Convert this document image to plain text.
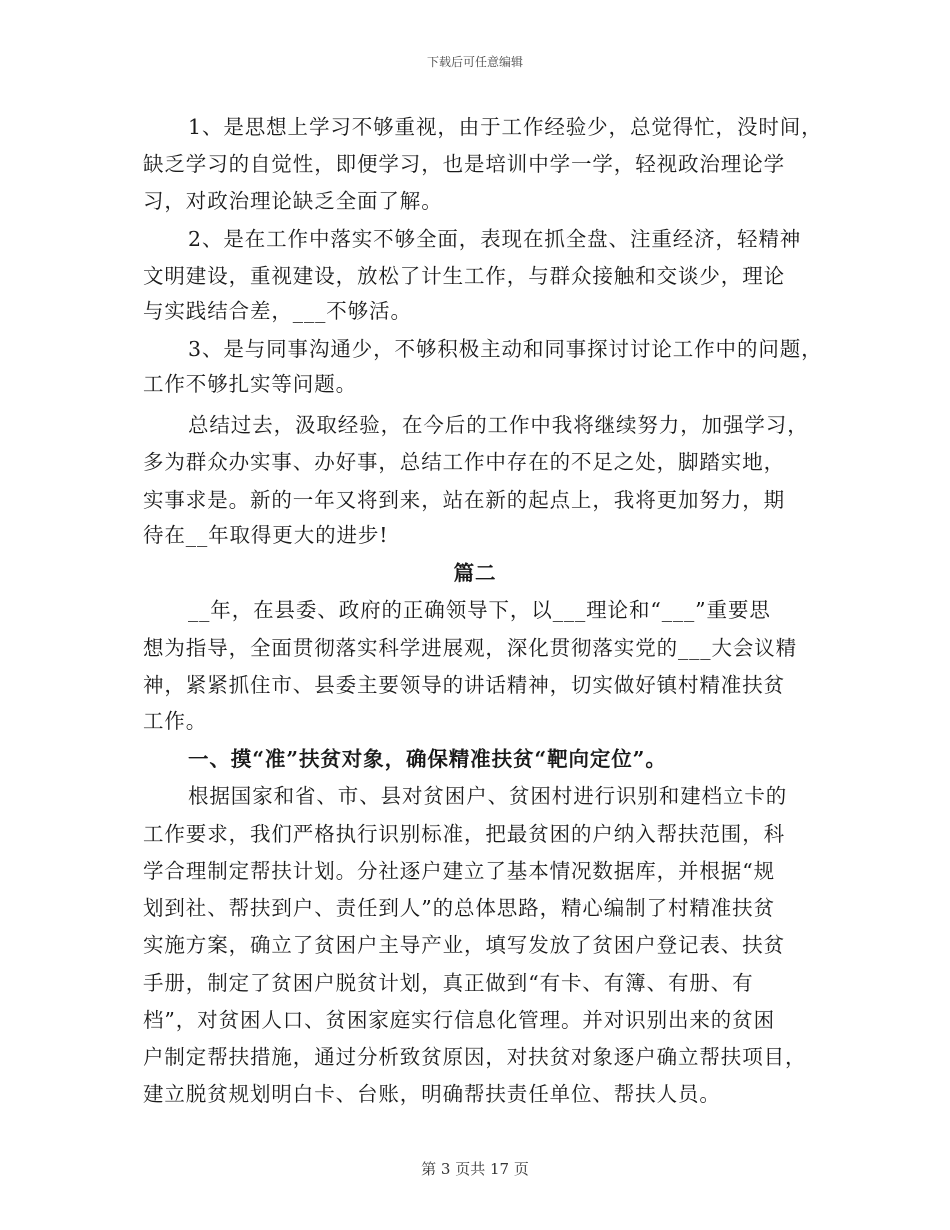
下载后可任意编辑
1、是思想上学习不够重视，由于工作经验少，总觉得忙，没时间，
缺乏学习的自觉性，即便学习，也是培训中学一学，轻视政治理论学
习，对政治理论缺乏全面了解。
2、是在工作中落实不够全面，表现在抓全盘、注重经济，轻精神
文明建设，重视建设，放松了计生工作，与群众接触和交谈少，理论
与实践结合差，___不够活。
3、是与同事沟通少，不够积极主动和同事探讨讨论工作中的问题，
工作不够扎实等问题。
总结过去，汲取经验，在今后的工作中我将继续努力，加强学习，
多为群众办实事、办好事，总结工作中存在的不足之处，脚踏实地，
实事求是。新的一年又将到来，站在新的起点上，我将更加努力，期
待在__年取得更大的进步!
篇二
__年，在县委、政府的正确领导下，以___理论和“___”重要思
想为指导，全面贯彻落实科学进展观，深化贯彻落实党的___大会议精
神，紧紧抓住市、县委主要领导的讲话精神，切实做好镇村精准扶贫
工作。
一、摸“准”扶贫对象，确保精准扶贫“靶向定位”。
根据国家和省、市、县对贫困户、贫困村进行识别和建档立卡的
工作要求，我们严格执行识别标准，把最贫困的户纳入帮扶范围，科
学合理制定帮扶计划。分社逐户建立了基本情况数据库，并根据“规
划到社、帮扶到户、责任到人”的总体思路，精心编制了村精准扶贫
实施方案，确立了贫困户主导产业，填写发放了贫困户登记表、扶贫
手册，制定了贫困户脱贫计划，真正做到“有卡、有簿、有册、有
档”，对贫困人口、贫困家庭实行信息化管理。并对识别出来的贫困
户制定帮扶措施，通过分析致贫原因，对扶贫对象逐户确立帮扶项目，
建立脱贫规划明白卡、台账，明确帮扶责任单位、帮扶人员。
第 3 页共 17 页
